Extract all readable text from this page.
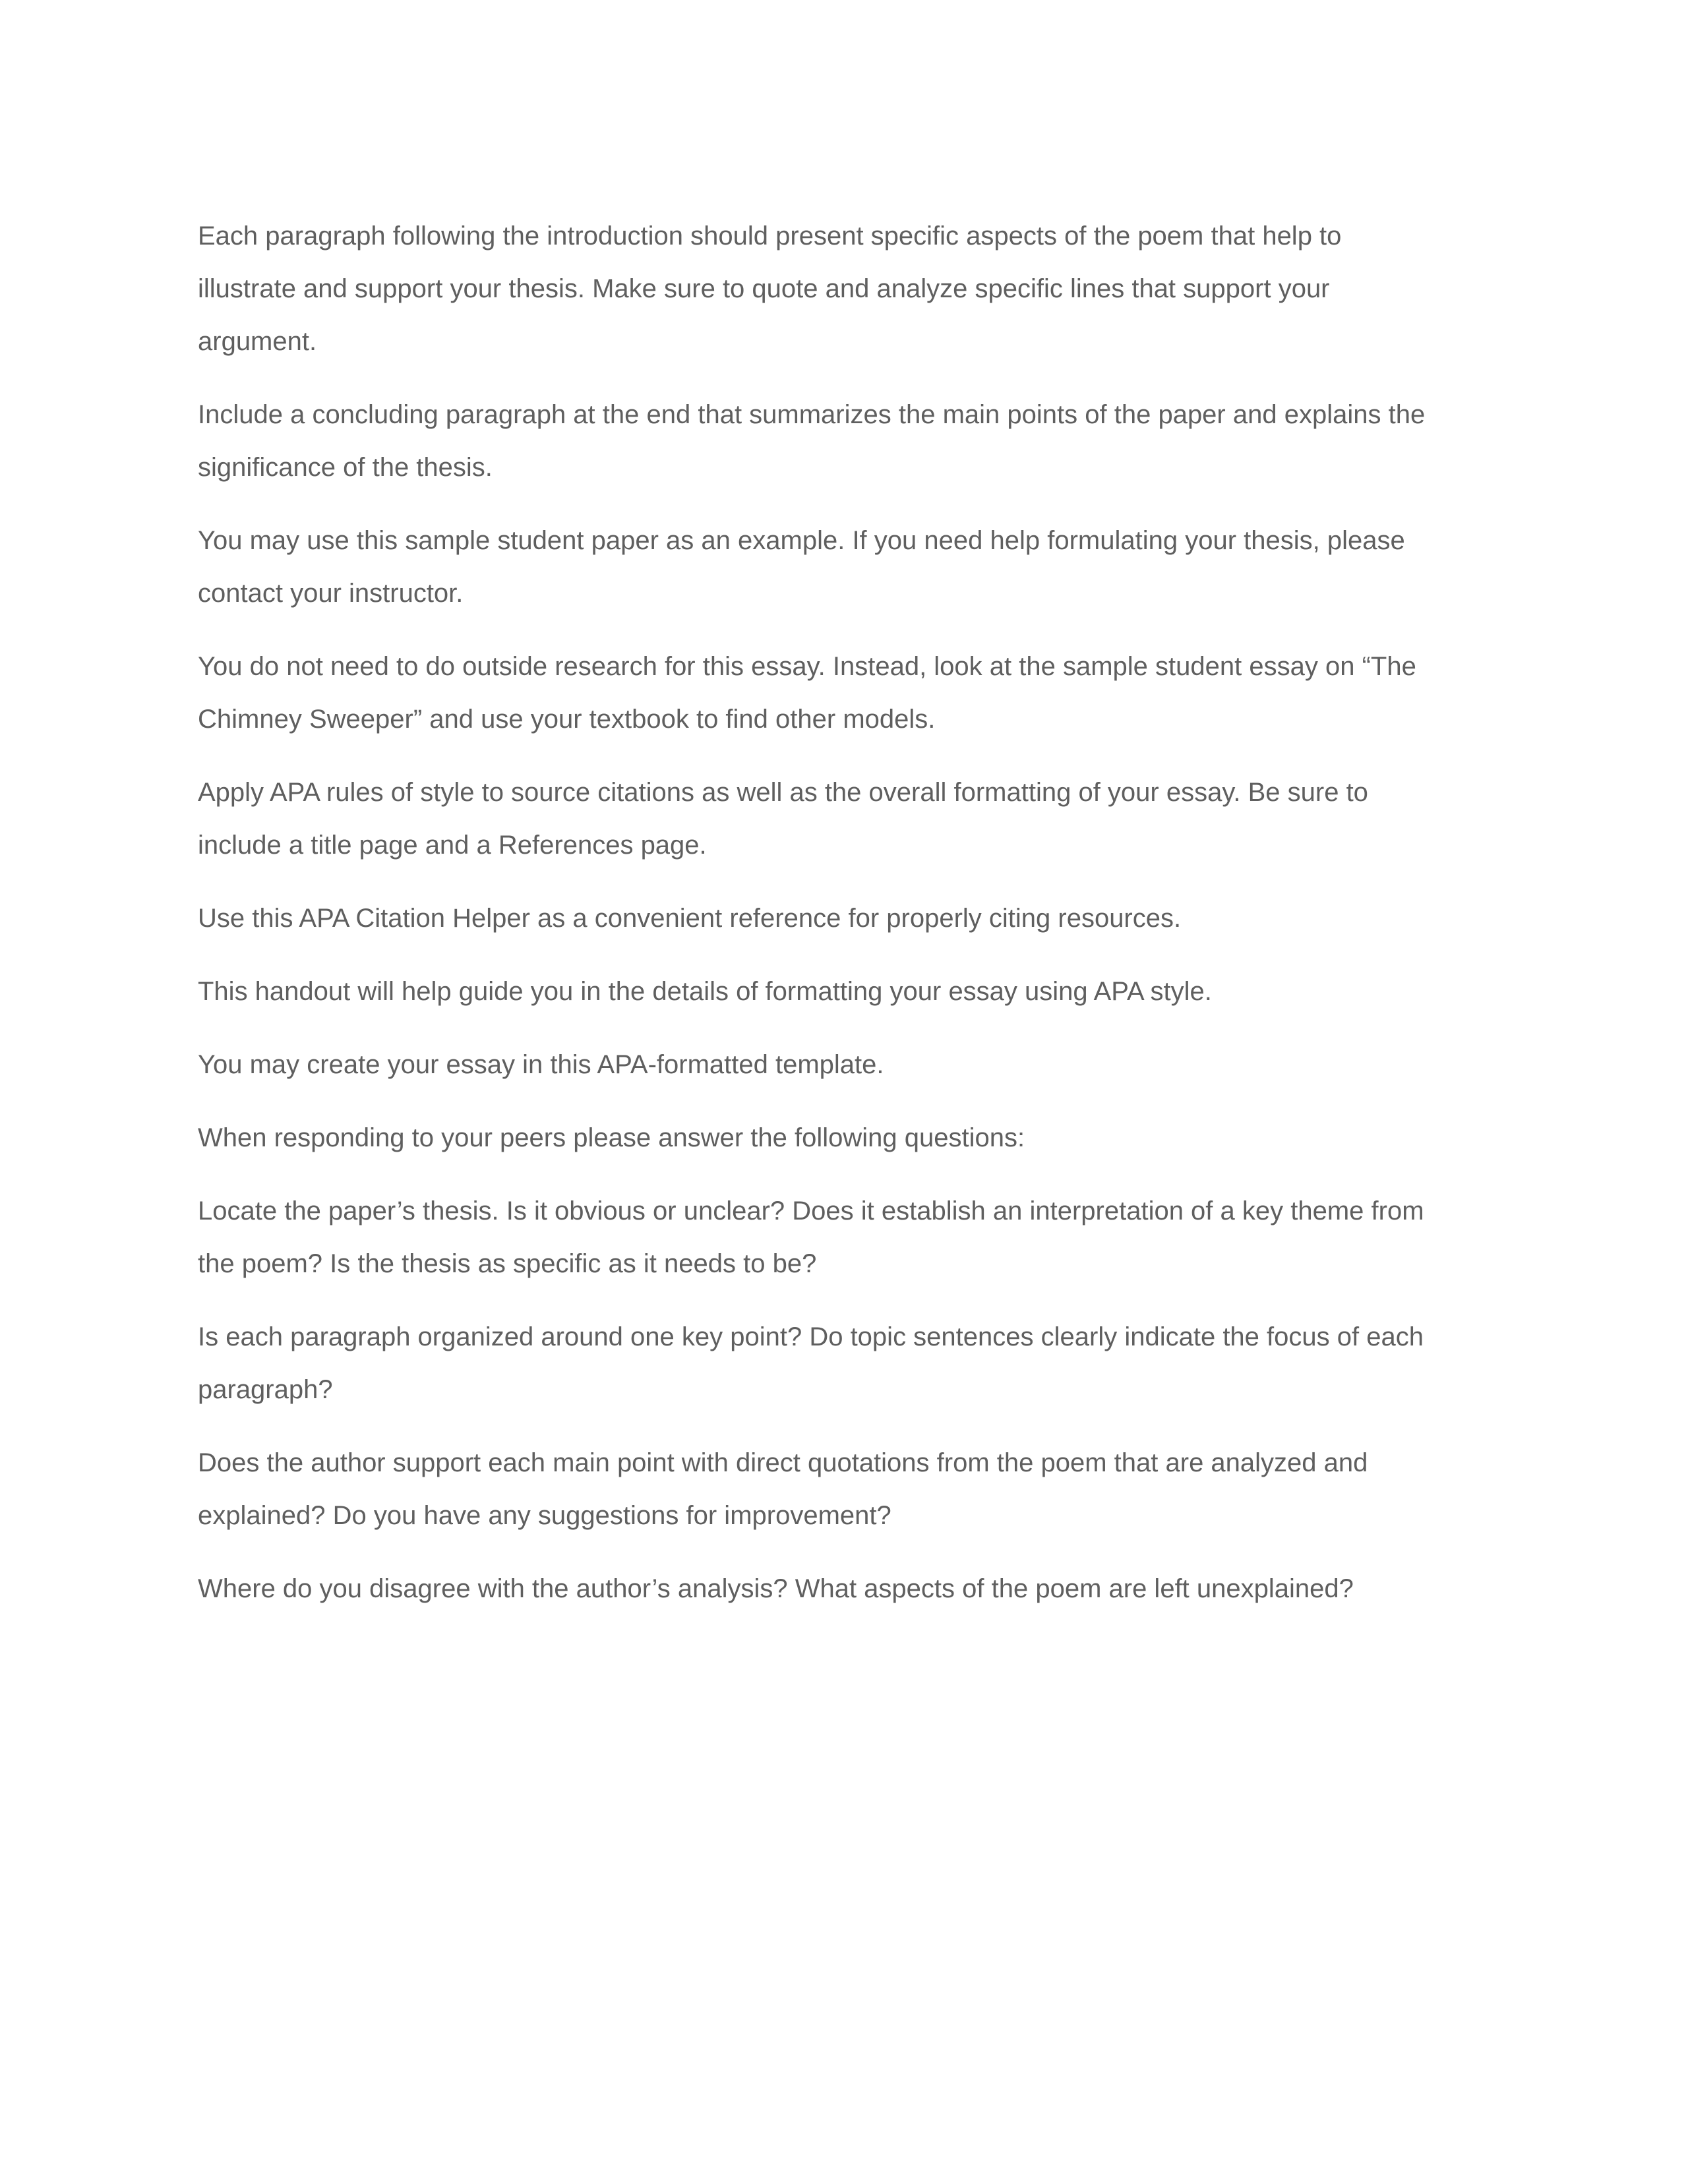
Each paragraph following the introduction should present specific aspects of the poem that help to
illustrate and support your thesis. Make sure to quote and analyze specific lines that support your
argument.

Include a concluding paragraph at the end that summarizes the main points of the paper and explains the
significance of the thesis.

You may use this sample student paper as an example. If you need help formulating your thesis, please
contact your instructor.

You do not need to do outside research for this essay. Instead, look at the sample student essay on “The
Chimney Sweeper” and use your textbook to find other models.

Apply APA rules of style to source citations as well as the overall formatting of your essay. Be sure to
include a title page and a References page.

Use this APA Citation Helper as a convenient reference for properly citing resources.

This handout will help guide you in the details of formatting your essay using APA style.

You may create your essay in this APA-formatted template.

When responding to your peers please answer the following questions:

Locate the paper’s thesis. Is it obvious or unclear? Does it establish an interpretation of a key theme from
the poem? Is the thesis as specific as it needs to be?

Is each paragraph organized around one key point? Do topic sentences clearly indicate the focus of each
paragraph?

Does the author support each main point with direct quotations from the poem that are analyzed and
explained? Do you have any suggestions for improvement?

Where do you disagree with the author’s analysis? What aspects of the poem are left unexplained?
